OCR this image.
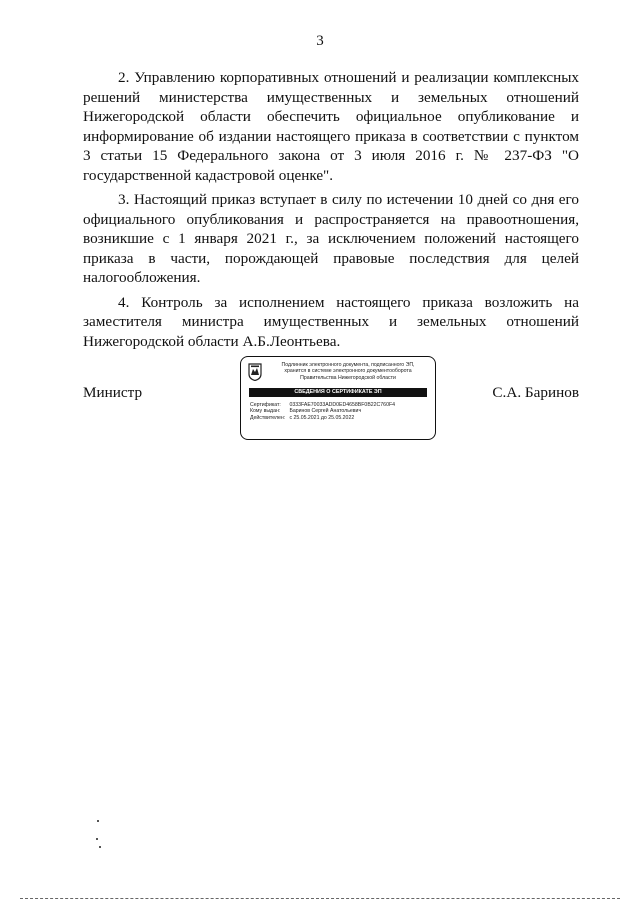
3

2. Управлению корпоративных отношений и реализации комплексных решений министерства имущественных и земельных отношений Нижегородской области обеспечить официальное опубликование и информирование об издании настоящего приказа в соответствии с пунктом 3 статьи 15 Федерального закона от 3 июля 2016 г. № 237-ФЗ "О государственной кадастровой оценке".

3. Настоящий приказ вступает в силу по истечении 10 дней со дня его официального опубликования и распространяется на правоотношения, возникшие с 1 января 2021 г., за исключением положений настоящего приказа в части, порождающей правовые последствия для целей налогообложения.

4. Контроль за исполнением настоящего приказа возложить на заместителя министра имущественных и земельных отношений Нижегородской области А.Б.Леонтьева.

Министр
Подлинник электронного документа, подписанного ЭП,
хранится в системе электронного документооборота
Правительства Нижегородской области
СВЕДЕНИЯ О СЕРТИФИКАТЕ ЭП
Сертификат: 0333FAE70033ADD0ED4658BF0B22C760F4
Кому выдан: Баринов Сергей Анатольевич
Действителен: с 25.05.2021 до 25.05.2022
С.А. Баринов
